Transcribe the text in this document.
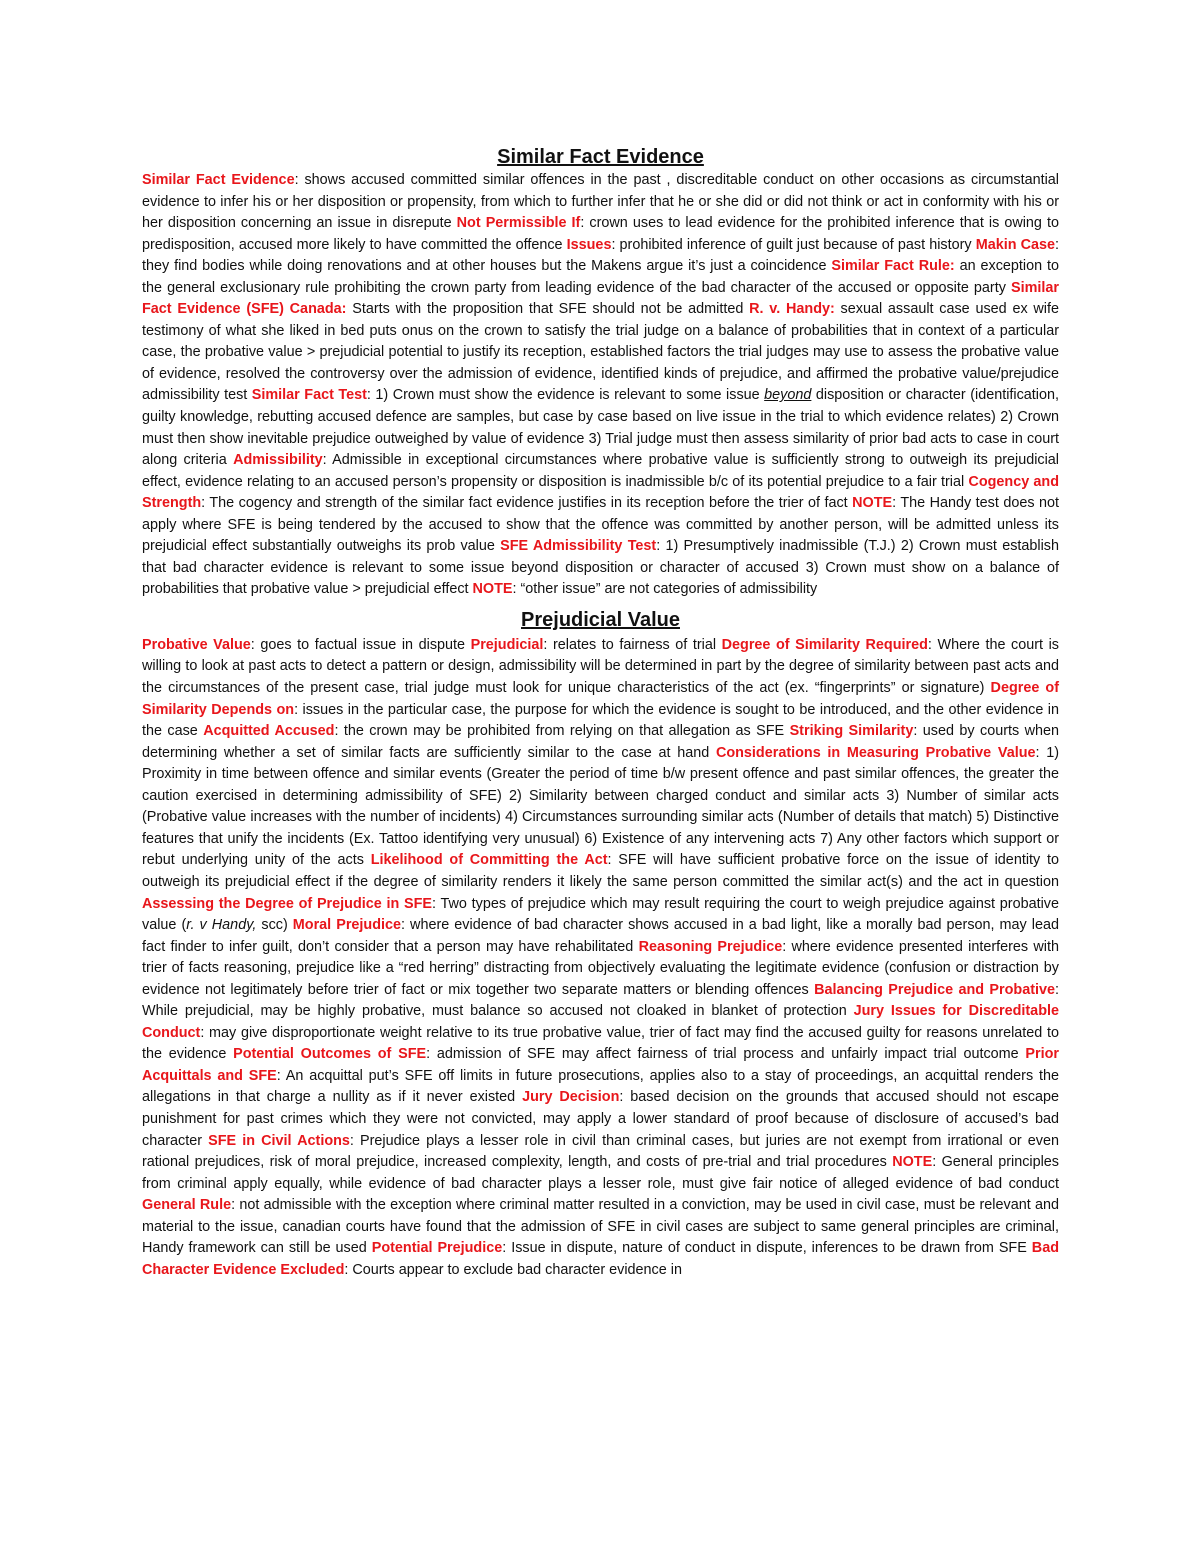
Similar Fact Evidence

Similar Fact Evidence: shows accused committed similar offences in the past , discreditable conduct on other occasions as circumstantial evidence to infer his or her disposition or propensity, from which to further infer that he or she did or did not think or act in conformity with his or her disposition concerning an issue in disrepute Not Permissible If: crown uses to lead evidence for the prohibited inference that is owing to predisposition, accused more likely to have committed the offence Issues: prohibited inference of guilt just because of past history Makin Case: they find bodies while doing renovations and at other houses but the Makens argue it’s just a coincidence Similar Fact Rule: an exception to the general exclusionary rule prohibiting the crown party from leading evidence of the bad character of the accused or opposite party Similar Fact Evidence (SFE) Canada: Starts with the proposition that SFE should not be admitted R. v. Handy: sexual assault case used ex wife testimony of what she liked in bed puts onus on the crown to satisfy the trial judge on a balance of probabilities that in context of a particular case, the probative value > prejudicial potential to justify its reception, established factors the trial judges may use to assess the probative value of evidence, resolved the controversy over the admission of evidence, identified kinds of prejudice, and affirmed the probative value/prejudice admissibility test Similar Fact Test: 1) Crown must show the evidence is relevant to some issue beyond disposition or character (identification, guilty knowledge, rebutting accused defence are samples, but case by case based on live issue in the trial to which evidence relates) 2) Crown must then show inevitable prejudice outweighed by value of evidence 3) Trial judge must then assess similarity of prior bad acts to case in court along criteria Admissibility: Admissible in exceptional circumstances where probative value is sufficiently strong to outweigh its prejudicial effect, evidence relating to an accused person’s propensity or disposition is inadmissible b/c of its potential prejudice to a fair trial Cogency and Strength: The cogency and strength of the similar fact evidence justifies in its reception before the trier of fact NOTE: The Handy test does not apply where SFE is being tendered by the accused to show that the offence was committed by another person, will be admitted unless its prejudicial effect substantially outweighs its prob value SFE Admissibility Test: 1) Presumptively inadmissible (T.J.) 2) Crown must establish that bad character evidence is relevant to some issue beyond disposition or character of accused 3) Crown must show on a balance of probabilities that probative value > prejudicial effect NOTE: “other issue” are not categories of admissibility

Prejudicial Value

Probative Value: goes to factual issue in dispute Prejudicial: relates to fairness of trial Degree of Similarity Required: Where the court is willing to look at past acts to detect a pattern or design, admissibility will be determined in part by the degree of similarity between past acts and the circumstances of the present case, trial judge must look for unique characteristics of the act (ex. “fingerprints” or signature) Degree of Similarity Depends on: issues in the particular case, the purpose for which the evidence is sought to be introduced, and the other evidence in the case Acquitted Accused: the crown may be prohibited from relying on that allegation as SFE Striking Similarity: used by courts when determining whether a set of similar facts are sufficiently similar to the case at hand Considerations in Measuring Probative Value: 1) Proximity in time between offence and similar events (Greater the period of time b/w present offence and past similar offences, the greater the caution exercised in determining admissibility of SFE) 2) Similarity between charged conduct and similar acts 3) Number of similar acts (Probative value increases with the number of incidents) 4) Circumstances surrounding similar acts (Number of details that match) 5) Distinctive features that unify the incidents (Ex. Tattoo identifying very unusual) 6) Existence of any intervening acts 7) Any other factors which support or rebut underlying unity of the acts Likelihood of Committing the Act: SFE will have sufficient probative force on the issue of identity to outweigh its prejudicial effect if the degree of similarity renders it likely the same person committed the similar act(s) and the act in question Assessing the Degree of Prejudice in SFE: Two types of prejudice which may result requiring the court to weigh prejudice against probative value (r. v Handy, scc) Moral Prejudice: where evidence of bad character shows accused in a bad light, like a morally bad person, may lead fact finder to infer guilt, don’t consider that a person may have rehabilitated Reasoning Prejudice: where evidence presented interferes with trier of facts reasoning, prejudice like a “red herring” distracting from objectively evaluating the legitimate evidence (confusion or distraction by evidence not legitimately before trier of fact or mix together two separate matters or blending offences Balancing Prejudice and Probative: While prejudicial, may be highly probative, must balance so accused not cloaked in blanket of protection Jury Issues for Discreditable Conduct: may give disproportionate weight relative to its true probative value, trier of fact may find the accused guilty for reasons unrelated to the evidence Potential Outcomes of SFE: admission of SFE may affect fairness of trial process and unfairly impact trial outcome Prior Acquittals and SFE: An acquittal put’s SFE off limits in future prosecutions, applies also to a stay of proceedings, an acquittal renders the allegations in that charge a nullity as if it never existed Jury Decision: based decision on the grounds that accused should not escape punishment for past crimes which they were not convicted, may apply a lower standard of proof because of disclosure of accused’s bad character SFE in Civil Actions: Prejudice plays a lesser role in civil than criminal cases, but juries are not exempt from irrational or even rational prejudices, risk of moral prejudice, increased complexity, length, and costs of pre-trial and trial procedures NOTE: General principles from criminal apply equally, while evidence of bad character plays a lesser role, must give fair notice of alleged evidence of bad conduct General Rule: not admissible with the exception where criminal matter resulted in a conviction, may be used in civil case, must be relevant and material to the issue, canadian courts have found that the admission of SFE in civil cases are subject to same general principles are criminal, Handy framework can still be used Potential Prejudice: Issue in dispute, nature of conduct in dispute, inferences to be drawn from SFE Bad Character Evidence Excluded: Courts appear to exclude bad character evidence in
